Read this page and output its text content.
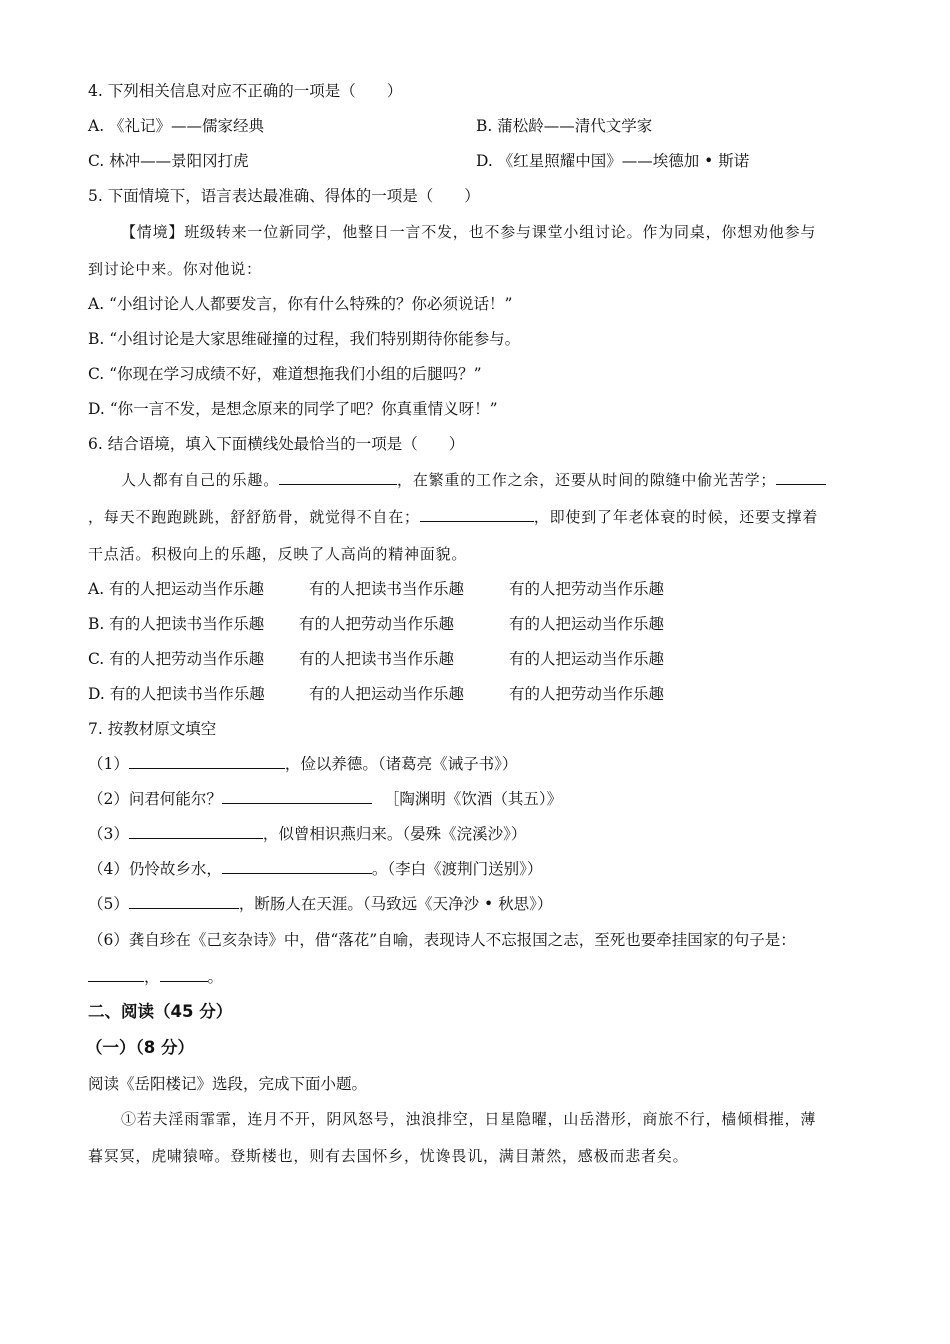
4. 下列相关信息对应不正确的一项是（　　）
A. 《礼记》——儒家经典	B. 蒲松龄——清代文学家
C. 林冲——景阳冈打虎	D. 《红星照耀中国》——埃德加 • 斯诺
5. 下面情境下，语言表达最准确、得体的一项是（　　）
【情境】班级转来一位新同学，他整日一言不发，也不参与课堂小组讨论。作为同桌，你想劝他参与
到讨论中来。你对他说：
A. “小组讨论人人都要发言，你有什么特殊的？你必须说话！”
B. “小组讨论是大家思维碰撞的过程，我们特别期待你能参与。
C. “你现在学习成绩不好，难道想拖我们小组的后腿吗？”
D. “你一言不发，是想念原来的同学了吧？你真重情义呀！”
6. 结合语境，填入下面横线处最恰当的一项是（　　）
人人都有自己的乐趣。	，在繁重的工作之余，还要从时间的隙缝中偷光苦学；
，每天不跑跑跳跳，舒舒筋骨，就觉得不自在；	，即使到了年老体衰的时候，还要支撑着
干点活。积极向上的乐趣，反映了人高尚的精神面貌。
A. 有的人把运动当作乐趣	有的人把读书当作乐趣	有的人把劳动当作乐趣
B. 有的人把读书当作乐趣 有的人把劳动当作乐趣	有的人把运动当作乐趣
C. 有的人把劳动当作乐趣 有的人把读书当作乐趣	有的人把运动当作乐趣
D. 有的人把读书当作乐趣	有的人把运动当作乐趣	有的人把劳动当作乐趣
7. 按教材原文填空
（1）	，俭以养德。（诸葛亮《诫子书》）
（2）问君何能尔？	［陶渊明《饮酒（其五）》
（3）	，似曾相识燕归来。（晏殊《浣溪沙》）
（4）仍怜故乡水，	。（李白《渡荆门送别》）
（5）	，断肠人在天涯。（马致远《天净沙 • 秋思》）
（6）龚自珍在《己亥杂诗》中，借“落花”自喻，表现诗人不忘报国之志，至死也要牵挂国家的句子是：
，	。
二、阅读（45 分）
（一）（8 分）
阅读《岳阳楼记》选段，完成下面小题。
①若夫淫雨霏霏，连月不开，阴风怒号，浊浪排空，日星隐曜，山岳潜形，商旅不行，樯倾楫摧，薄
暮冥冥，虎啸猿啼。登斯楼也，则有去国怀乡，忧谗畏讥，满目萧然，感极而悲者矣。
